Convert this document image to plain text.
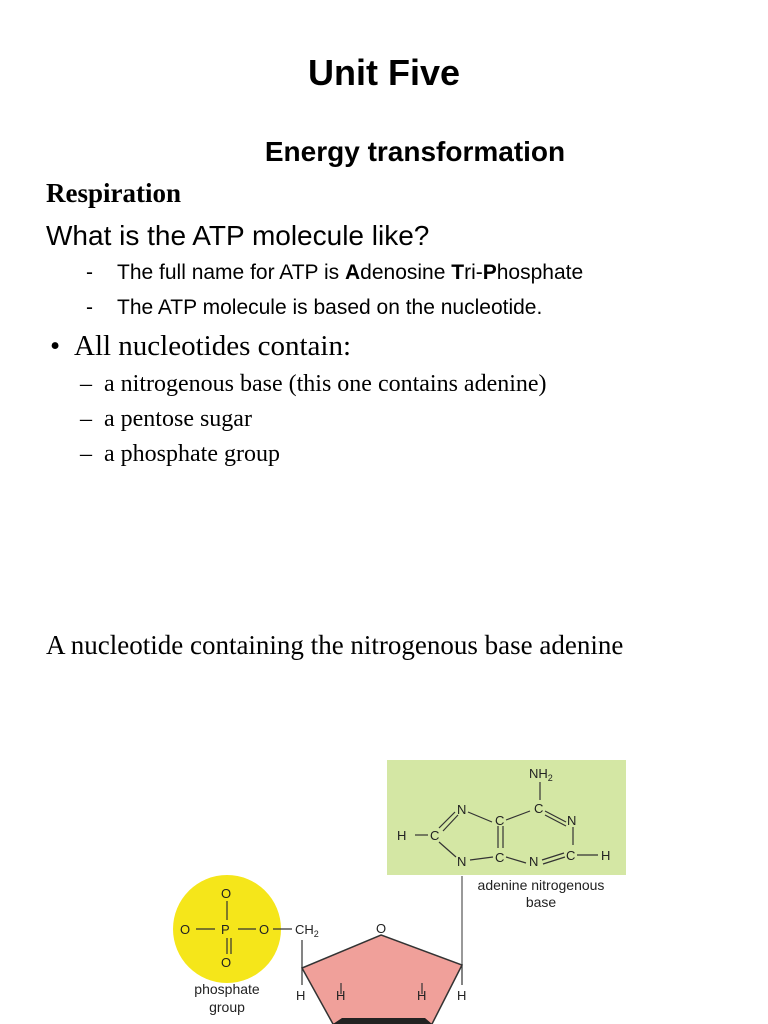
Unit Five
Energy transformation
Respiration
What is the ATP molecule like?
-	The full name for ATP is Adenosine Tri-Phosphate
-	The ATP molecule is based on the nucleotide.
• All nucleotides contain:
– a nitrogenous base (this one contains adenine)
– a pentose sugar
– a phosphate group
A nucleotide containing the nitrogenous base adenine
$NH_2$
C
C
N
N
H C
N C N C H
adenine nitrogenous
base
O
O P O
O
$CH_2$
phosphate
group
O
H H	H H
